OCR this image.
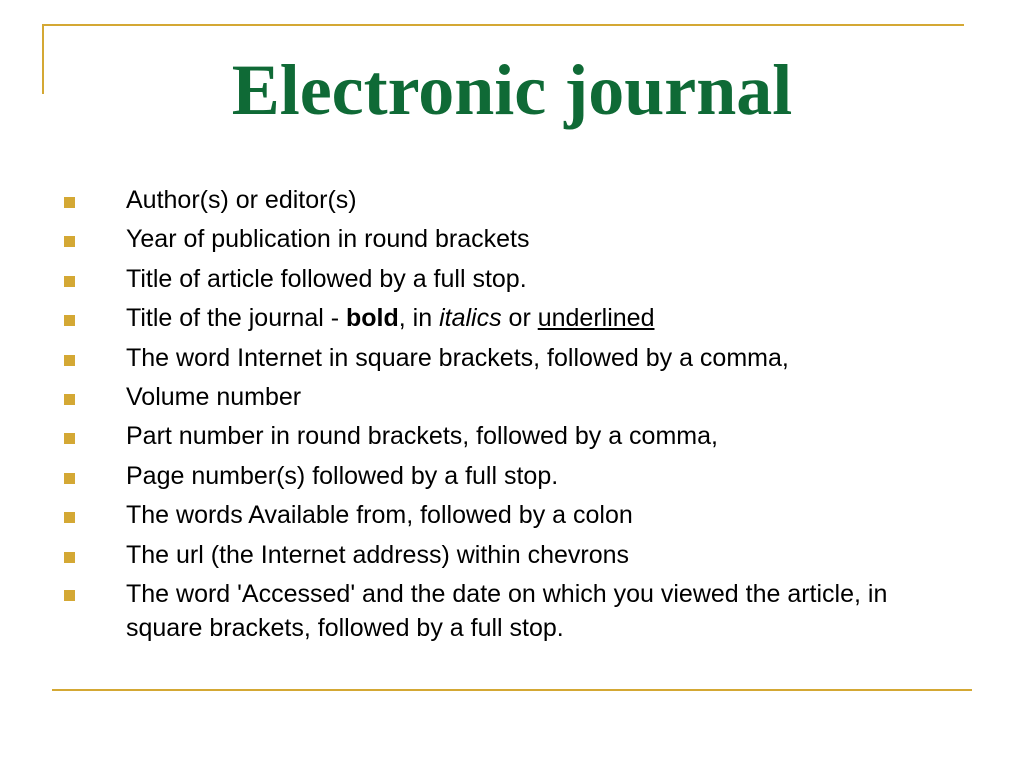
Electronic journal
Author(s) or editor(s)
Year of publication in round brackets
Title of article followed by a full stop.
Title of the journal - bold, in italics or underlined
The word Internet in square brackets, followed by a comma,
Volume number
Part number in round brackets, followed by a comma,
Page number(s) followed by a full stop.
The words Available from, followed by a colon
The url (the Internet address) within chevrons
The word 'Accessed' and the date on which you viewed the article, in square brackets, followed by a full stop.
